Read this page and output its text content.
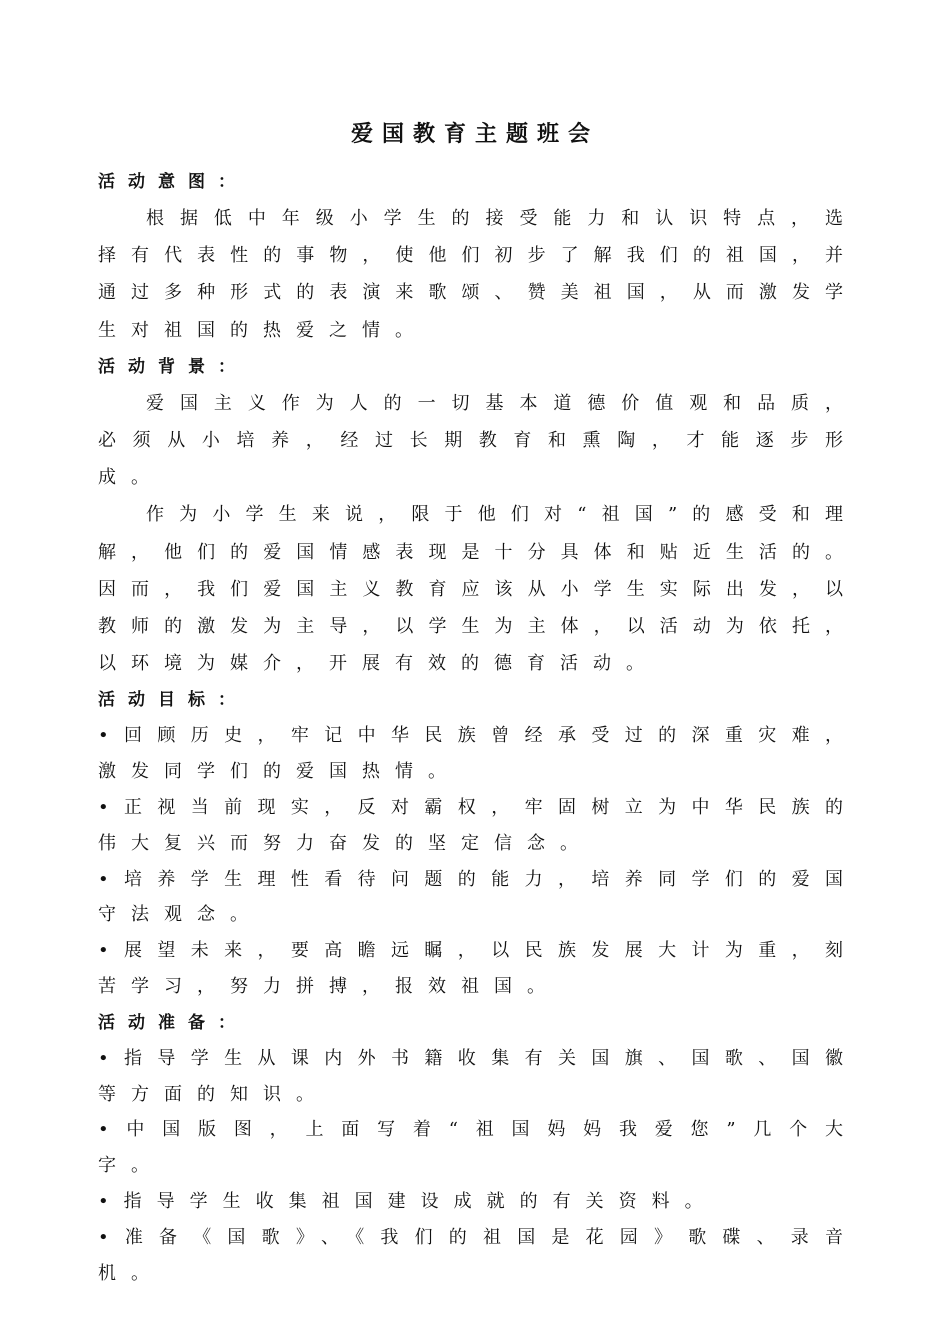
爱国教育主题班会
活动意图：

根据低中年级小学生的接受能力和认识特点，选择有代表性的事物，使他们初步了解我们的祖国，并通过多种形式的表演来歌颂、赞美祖国，从而激发学生对祖国的热爱之情。

活动背景：

爱国主义作为人的一切基本道德价值观和品质，必须从小培养，经过长期教育和熏陶，才能逐步形成。

作为小学生来说，限于他们对“祖国”的感受和理解，他们的爱国情感表现是十分具体和贴近生活的。因而，我们爱国主义教育应该从小学生实际出发，以教师的激发为主导，以学生为主体，以活动为依托，以环境为媒介，开展有效的德育活动。

活动目标：

•回顾历史，牢记中华民族曾经承受过的深重灾难，激发同学们的爱国热情。

•正视当前现实，反对霸权，牢固树立为中华民族的伟大复兴而努力奋发的坚定信念。

•培养学生理性看待问题的能力，培养同学们的爱国守法观念。

•展望未来，要高瞻远瞩，以民族发展大计为重，刻苦学习，努力拼搏，报效祖国。

活动准备：

•指导学生从课内外书籍收集有关国旗、国歌、国徽等方面的知识。

•中国版图，上面写着“祖国妈妈我爱您”几个大字。

•指导学生收集祖国建设成就的有关资料。

•准备《国歌》、《我们的祖国是花园》歌碟、录音机。
